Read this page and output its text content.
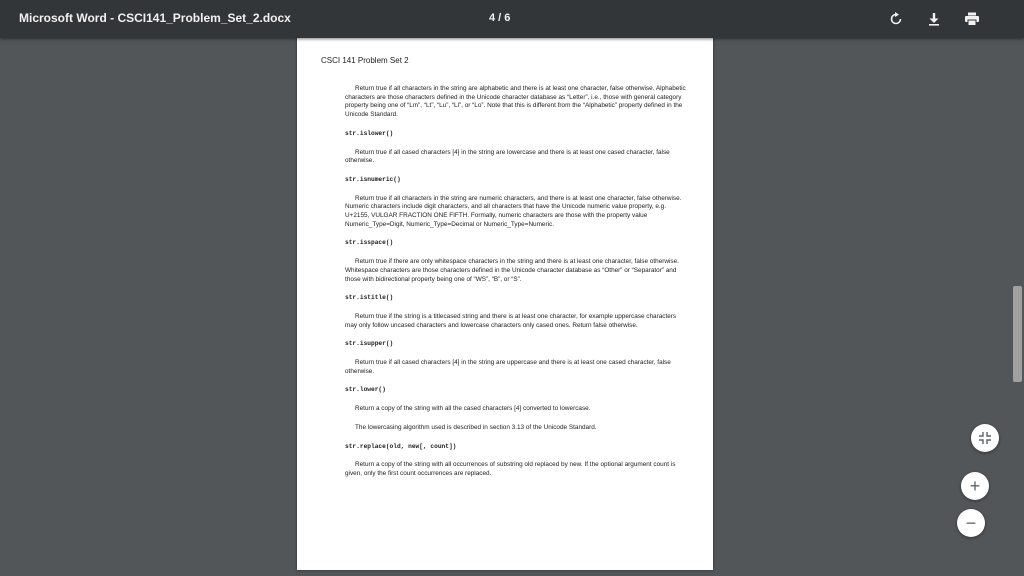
Microsoft Word - CSCI141_Problem_Set_2.docx	4 / 6
CSCI 141 Problem Set 2
Return true if all characters in the string are alphabetic and there is at least one character, false otherwise. Alphabetic characters are those characters defined in the Unicode character database as “Letter”, i.e., those with general category property being one of “Lm”, “Lt”, “Lu”, “Ll”, or “Lo”. Note that this is different from the “Alphabetic” property defined in the Unicode Standard.
str.islower()
Return true if all cased characters [4] in the string are lowercase and there is at least one cased character, false otherwise.
str.isnumeric()
Return true if all characters in the string are numeric characters, and there is at least one character, false otherwise. Numeric characters include digit characters, and all characters that have the Unicode numeric value property, e.g. U+2155, VULGAR FRACTION ONE FIFTH. Formally, numeric characters are those with the property value Numeric_Type=Digit, Numeric_Type=Decimal or Numeric_Type=Numeric.
str.isspace()
Return true if there are only whitespace characters in the string and there is at least one character, false otherwise. Whitespace characters are those characters defined in the Unicode character database as “Other” or “Separator” and those with bidirectional property being one of “WS”, “B”, or “S”.
str.istitle()
Return true if the string is a titlecased string and there is at least one character, for example uppercase characters may only follow uncased characters and lowercase characters only cased ones. Return false otherwise.
str.isupper()
Return true if all cased characters [4] in the string are uppercase and there is at least one cased character, false otherwise.
str.lower()
Return a copy of the string with all the cased characters [4] converted to lowercase.
The lowercasing algorithm used is described in section 3.13 of the Unicode Standard.
str.replace(old, new[, count])
Return a copy of the string with all occurrences of substring old replaced by new. If the optional argument count is given, only the first count occurrences are replaced.
+
−
